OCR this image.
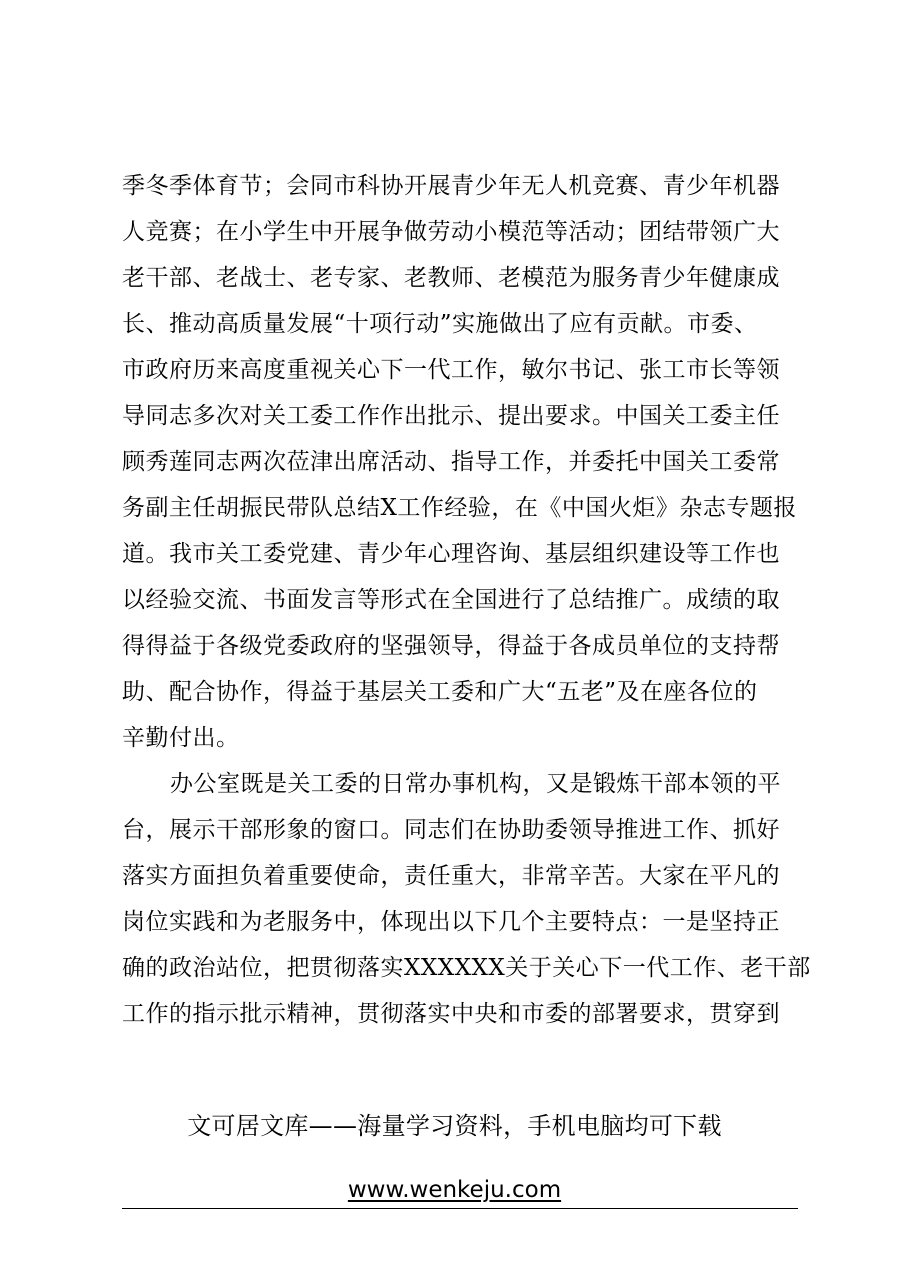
季冬季体育节；会同市科协开展青少年无人机竞赛、青少年机器
人竞赛；在小学生中开展争做劳动小模范等活动；团结带领广大
老干部、老战士、老专家、老教师、老模范为服务青少年健康成
长、推动高质量发展“十项行动”实施做出了应有贡献。市委、
市政府历来高度重视关心下一代工作，敏尔书记、张工市长等领
导同志多次对关工委工作作出批示、提出要求。中国关工委主任
顾秀莲同志两次莅津出席活动、指导工作，并委托中国关工委常
务副主任胡振民带队总结X工作经验，在《中国火炬》杂志专题报
道。我市关工委党建、青少年心理咨询、基层组织建设等工作也
以经验交流、书面发言等形式在全国进行了总结推广。成绩的取
得得益于各级党委政府的坚强领导，得益于各成员单位的支持帮
助、配合协作，得益于基层关工委和广大“五老”及在座各位的
辛勤付出。
办公室既是关工委的日常办事机构，又是锻炼干部本领的平
台，展示干部形象的窗口。同志们在协助委领导推进工作、抓好
落实方面担负着重要使命，责任重大，非常辛苦。大家在平凡的
岗位实践和为老服务中，体现出以下几个主要特点：一是坚持正
确的政治站位，把贯彻落实XXXXXX关于关心下一代工作、老干部
工作的指示批示精神，贯彻落实中央和市委的部署要求，贯穿到
文可居文库——海量学习资料，手机电脑均可下载
www.wenkeju.com
